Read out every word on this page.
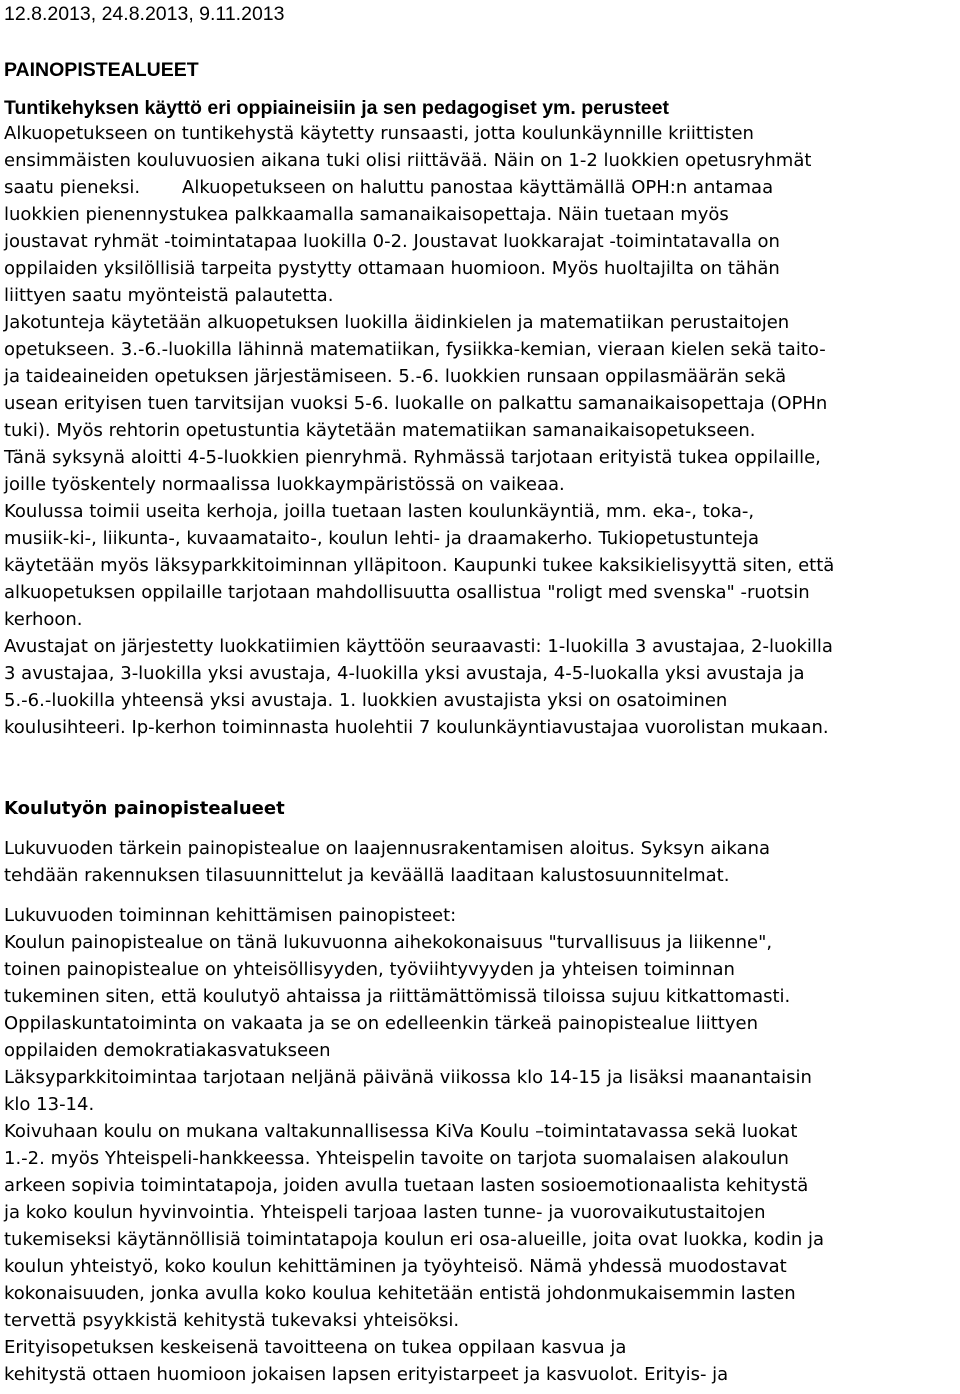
12.8.2013, 24.8.2013, 9.11.2013
PAINOPISTEALUEET
Tuntikehyksen käyttö eri oppiaineisiin ja sen pedagogiset ym. perusteet
Alkuopetukseen on tuntikehystä käytetty runsaasti, jotta koulunkäynnille kriittisten
ensimmäisten kouluvuosien aikana tuki olisi riittävää. Näin on 1-2 luokkien opetusryhmät
saatu pieneksi.	Alkuopetukseen on haluttu panostaa käyttämällä OPH:n antamaa
luokkien pienennystukea palkkaamalla samanaikaisopettaja. Näin tuetaan myös
joustavat ryhmät -toimintatapaa luokilla 0-2. Joustavat luokkarajat -toimintatavalla on
oppilaiden yksilöllisiä tarpeita pystytty ottamaan huomioon. Myös huoltajilta on tähän
liittyen saatu myönteistä palautetta.
Jakotunteja käytetään alkuopetuksen luokilla äidinkielen ja matematiikan perustaitojen
opetukseen. 3.-6.-luokilla lähinnä matematiikan, fysiikka-kemian, vieraan kielen sekä taito-
ja taideaineiden opetuksen järjestämiseen. 5.-6. luokkien runsaan oppilasmäärän sekä
usean erityisen tuen tarvitsijan vuoksi 5-6. luokalle on palkattu samanaikaisopettaja (OPHn
tuki). Myös rehtorin opetustuntia käytetään matematiikan samanaikaisopetukseen.
Tänä syksynä aloitti 4-5-luokkien pienryhmä. Ryhmässä tarjotaan erityistä tukea oppilaille,
joille työskentely normaalissa luokkaympäristössä on vaikeaa.
Koulussa toimii useita kerhoja, joilla tuetaan lasten koulunkäyntiä, mm. eka-, toka-,
musiik-ki-, liikunta-, kuvaamataito-, koulun lehti- ja draamakerho. Tukiopetustunteja
käytetään myös läksyparkkitoiminnan ylläpitoon. Kaupunki tukee kaksikielisyyttä siten, että
alkuopetuksen oppilaille tarjotaan mahdollisuutta osallistua "roligt med svenska" -ruotsin
kerhoon.
Avustajat on järjestetty luokkatiimien käyttöön seuraavasti: 1-luokilla 3 avustajaa, 2-luokilla
3 avustajaa, 3-luokilla yksi avustaja, 4-luokilla yksi avustaja, 4-5-luokalla yksi avustaja ja
5.-6.-luokilla yhteensä yksi avustaja. 1. luokkien avustajista yksi on osatoiminen
koulusihteeri. Ip-kerhon toiminnasta huolehtii 7 koulunkäyntiavustajaa vuorolistan mukaan.
Koulutyön painopistealueet
Lukuvuoden tärkein painopistealue on laajennusrakentamisen aloitus. Syksyn aikana
tehdään rakennuksen tilasuunnittelut ja keväällä laaditaan kalustosuunnitelmat.
Lukuvuoden toiminnan kehittämisen painopisteet:
Koulun painopistealue on tänä lukuvuonna aihekokonaisuus "turvallisuus ja liikenne",
toinen painopistealue on yhteisöllisyyden, työviihtyvyyden ja yhteisen toiminnan
tukeminen siten, että koulutyö ahtaissa ja riittämättömissä tiloissa sujuu kitkattomasti.
Oppilaskuntatoiminta on vakaata ja se on edelleenkin tärkeä painopistealue liittyen
oppilaiden demokratiakasvatukseen
Läksyparkkitoimintaa tarjotaan neljänä päivänä viikossa klo 14-15 ja lisäksi maanantaisin
klo 13-14.
Koivuhaan koulu on mukana valtakunnallisessa KiVa Koulu –toimintatavassa sekä luokat
1.-2. myös Yhteispeli-hankkeessa. Yhteispelin tavoite on tarjota suomalaisen alakoulun
arkeen sopivia toimintatapoja, joiden avulla tuetaan lasten sosioemotionaalista kehitystä
ja koko koulun hyvinvointia. Yhteispeli tarjoaa lasten tunne- ja vuorovaikutustaitojen
tukemiseksi käytännöllisiä toimintatapoja koulun eri osa-alueille, joita ovat luokka, kodin ja
koulun yhteistyö, koko koulun kehittäminen ja työyhteisö. Nämä yhdessä muodostavat
kokonaisuuden, jonka avulla koko koulua kehitetään entistä johdonmukaisemmin lasten
tervettä psyykkistä kehitystä tukevaksi yhteisöksi.
Erityisopetuksen keskeisenä tavoitteena on tukea oppilaan kasvua ja
kehitystä ottaen huomioon jokaisen lapsen erityistarpeet ja kasvuolot. Erityis- ja
